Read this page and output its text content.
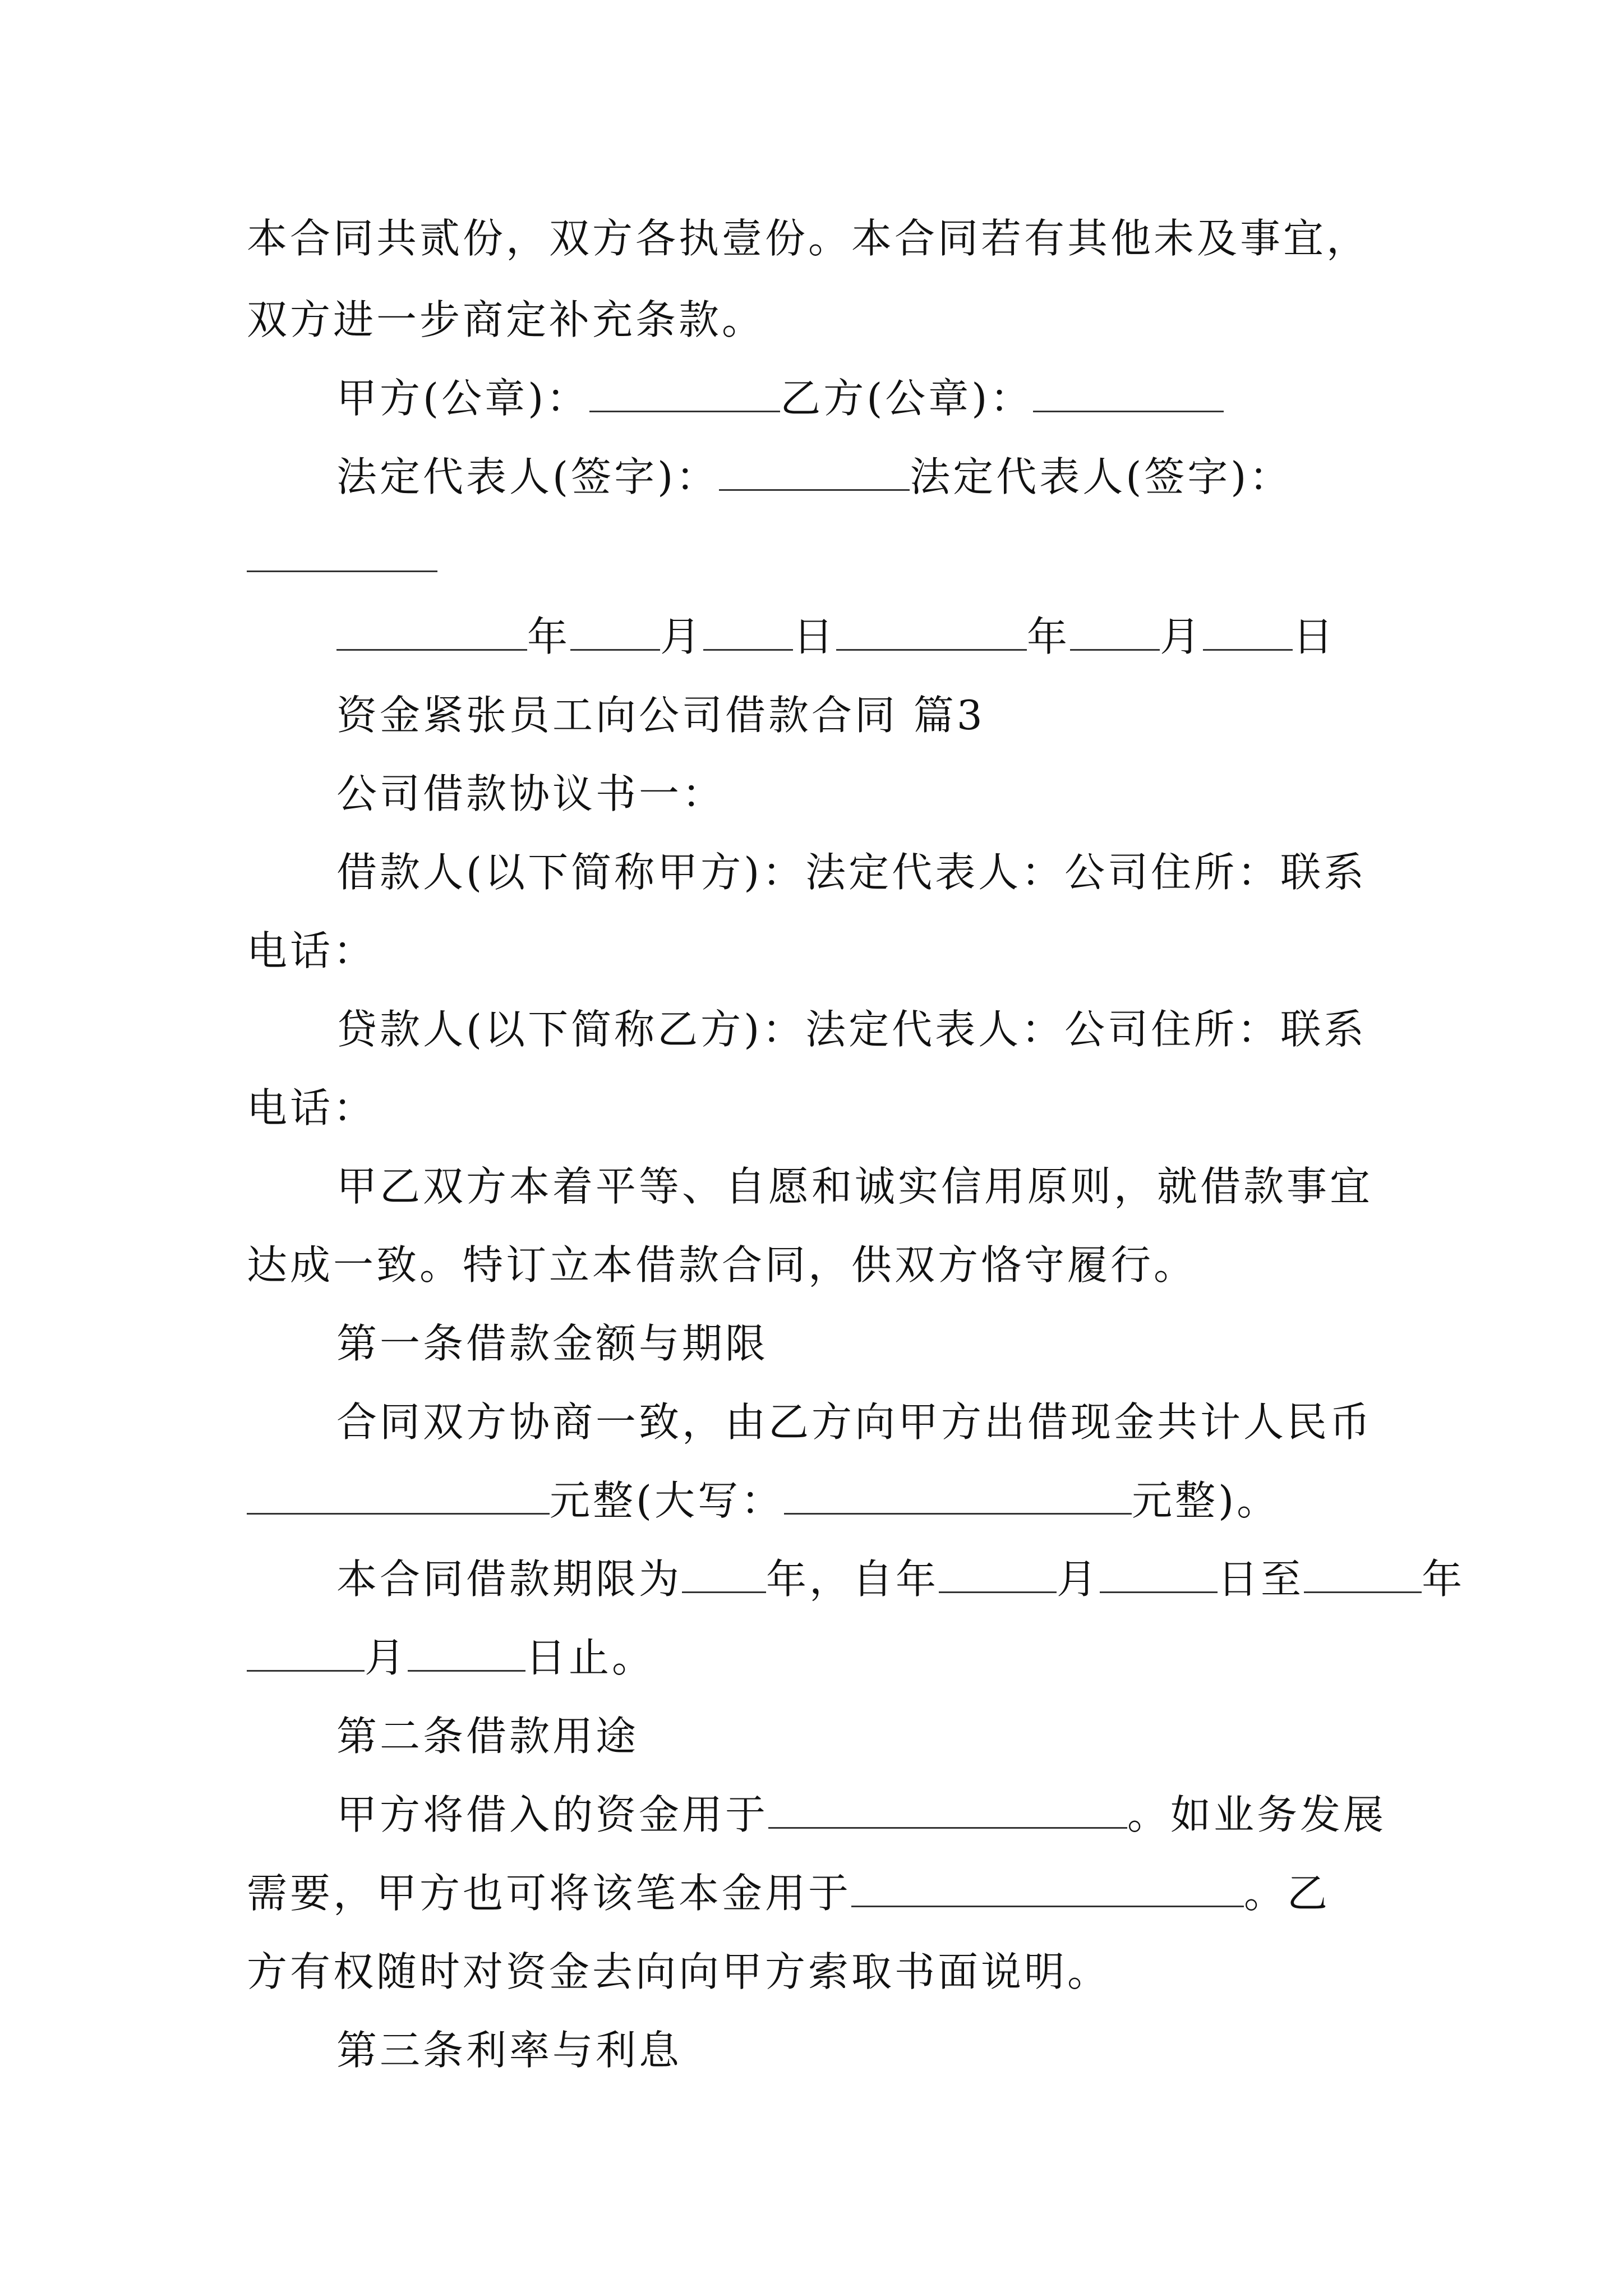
本合同共贰份，双方各执壹份。本合同若有其他未及事宜，
双方进一步商定补充条款。
甲方(公章)：	乙方(公章)：
法定代表人(签字)：	法定代表人(签字)：
年 月 日	年 月 日
资金紧张员工向公司借款合同 篇3
公司借款协议书一：
借款人(以下简称甲方)：法定代表人：公司住所：联系
电话：
贷款人(以下简称乙方)：法定代表人：公司住所：联系
电话：
甲乙双方本着平等、自愿和诚实信用原则，就借款事宜
达成一致。特订立本借款合同，供双方恪守履行。
第一条借款金额与期限
合同双方协商一致，由乙方向甲方出借现金共计人民币
元整(大写：	元整)。
本合同借款期限为 年，自年	月	日至	年
月	日止。
第二条借款用途
甲方将借入的资金用于	。如业务发展
需要，甲方也可将该笔本金用于	。乙
方有权随时对资金去向向甲方索取书面说明。
第三条利率与利息
